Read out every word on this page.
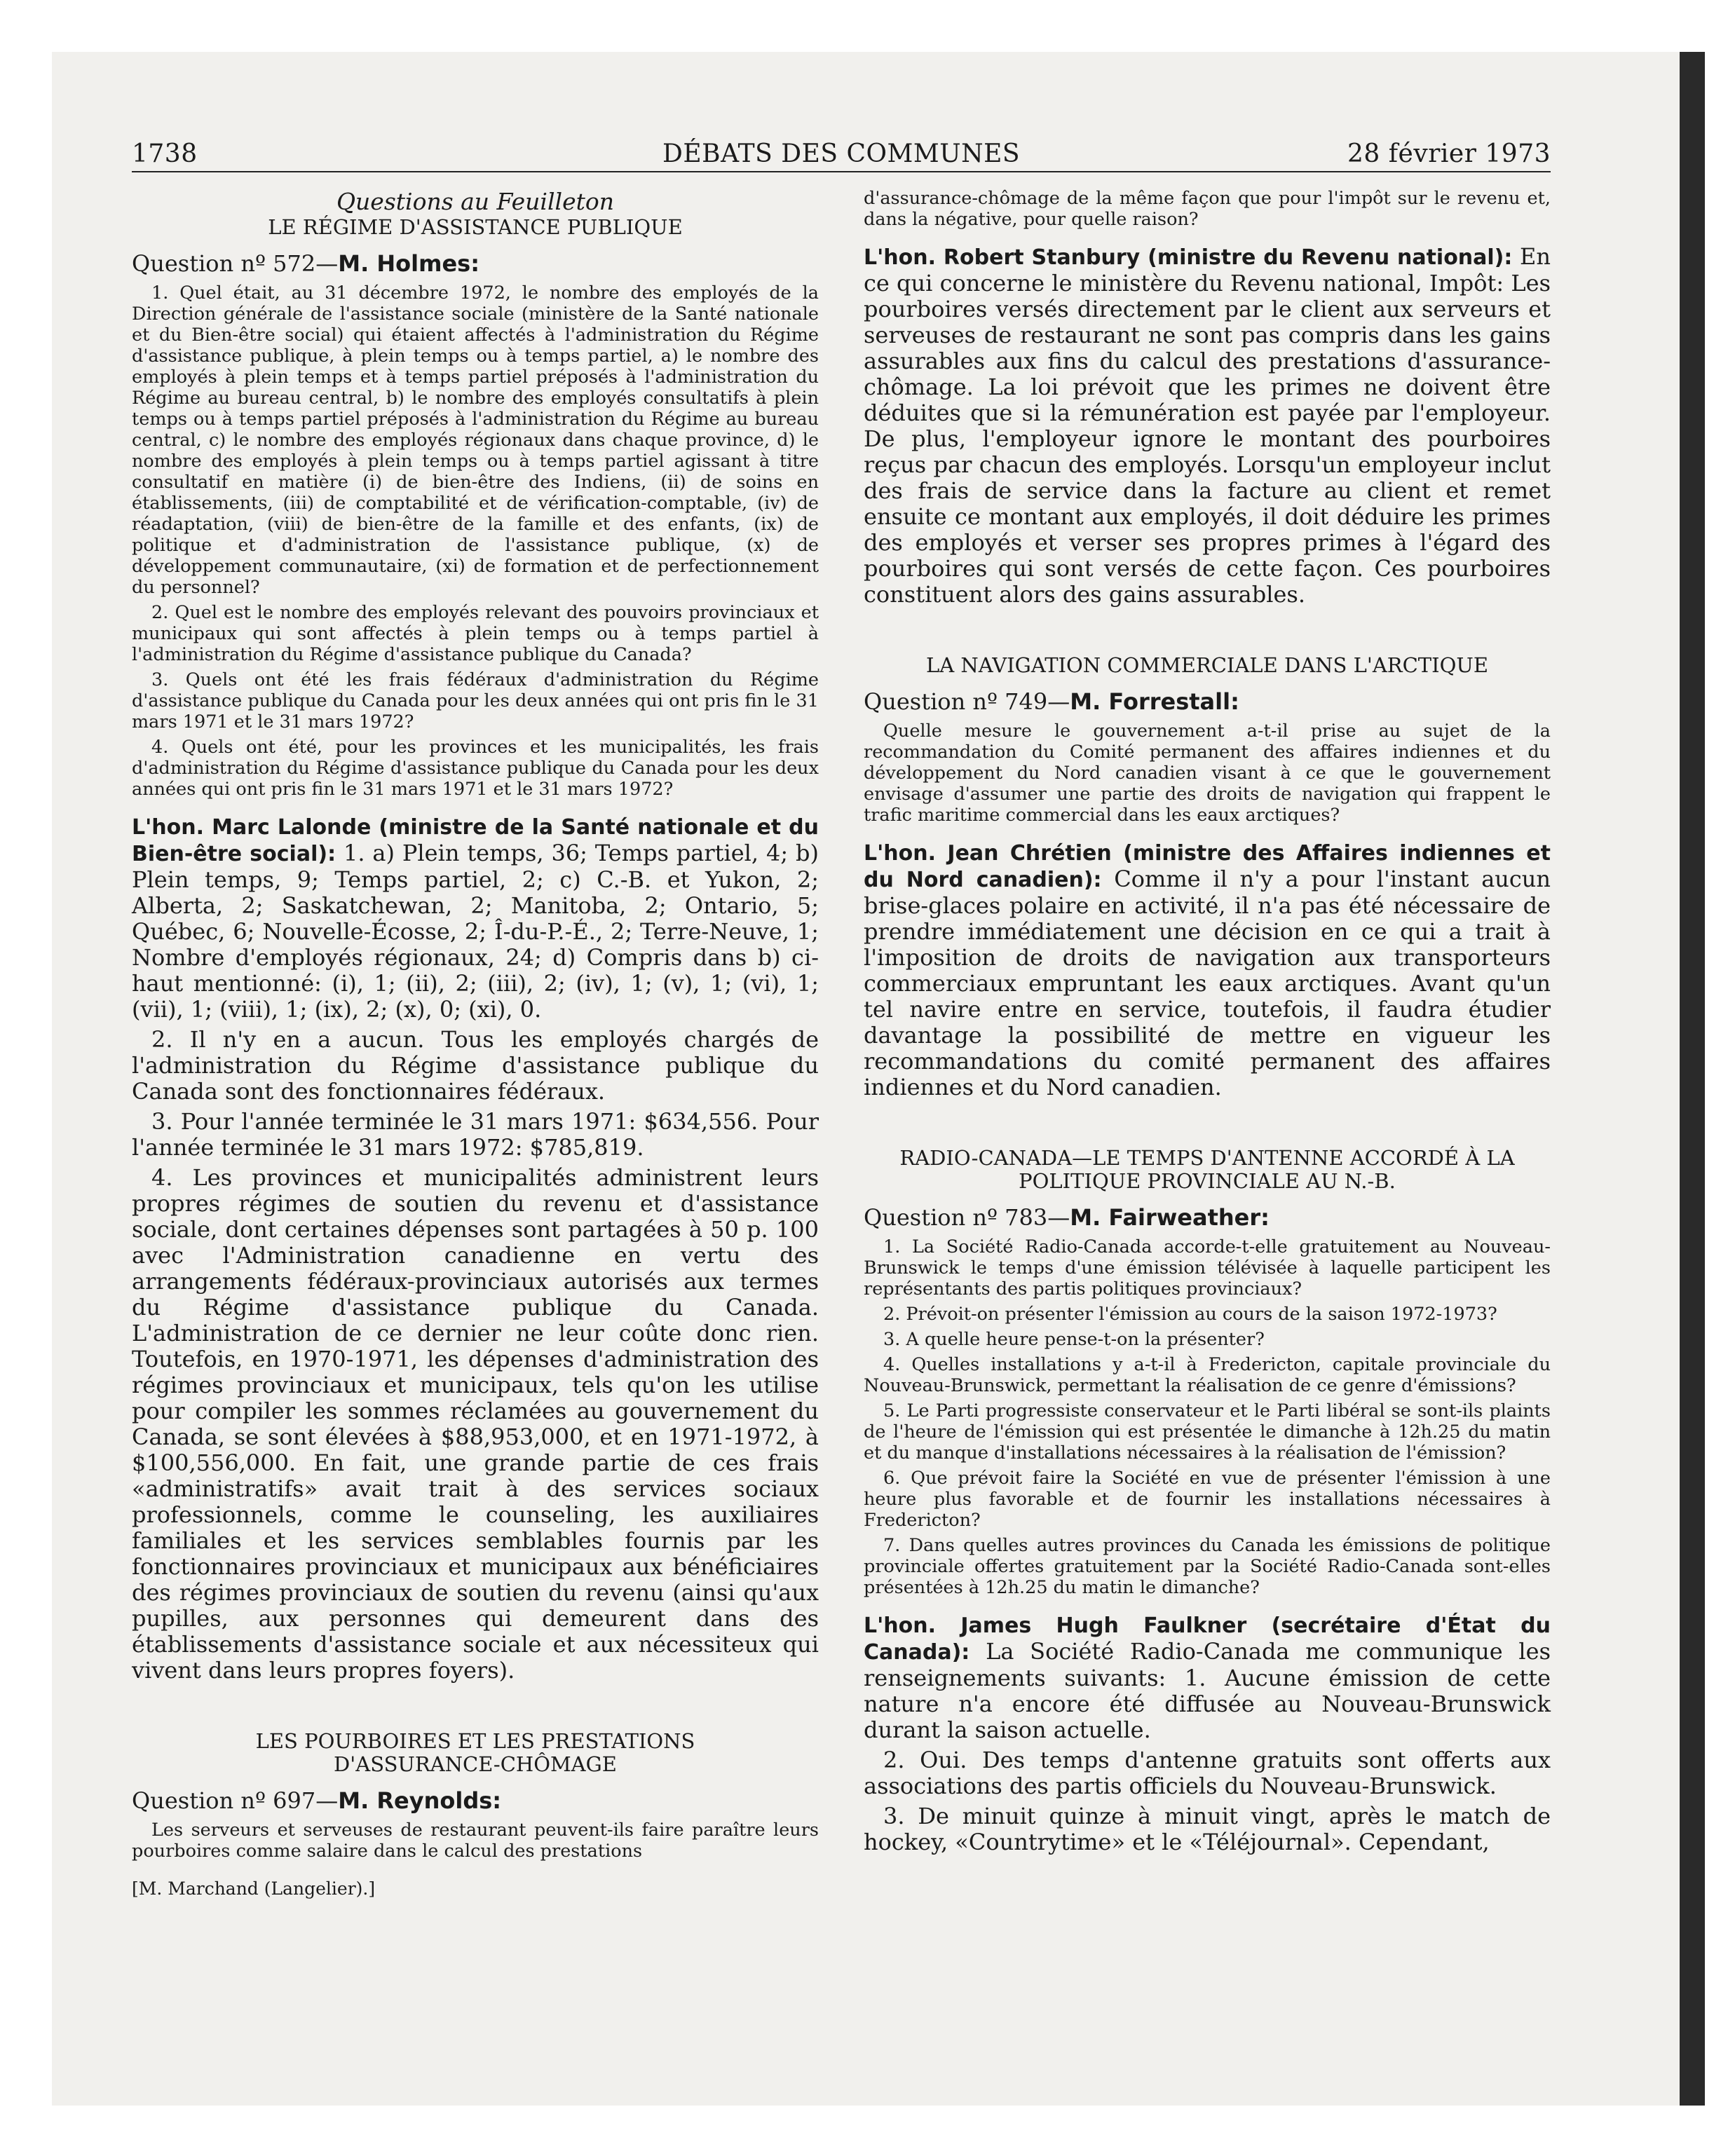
1738	DÉBATS DES COMMUNES	28 février 1973

Questions au Feuilleton

LE RÉGIME D'ASSISTANCE PUBLIQUE

Question nº 572—M. Holmes:

1. Quel était, au 31 décembre 1972, le nombre des employés de la Direction générale de l'assistance sociale (ministère de la Santé nationale et du Bien-être social) qui étaient affectés à l'administration du Régime d'assistance publique, à plein temps ou à temps partiel, a) le nombre des employés à plein temps et à temps partiel préposés à l'administration du Régime au bureau central, b) le nombre des employés consultatifs à plein temps ou à temps partiel préposés à l'administration du Régime au bureau central, c) le nombre des employés régionaux dans chaque province, d) le nombre des employés à plein temps ou à temps partiel agissant à titre consultatif en matière (i) de bien-être des Indiens, (ii) de soins en établissements, (iii) de comptabilité et de vérification-comptable, (iv) de réadaptation, (viii) de bien-être de la famille et des enfants, (ix) de politique et d'administration de l'assistance publique, (x) de développement communautaire, (xi) de formation et de perfectionnement du personnel?

2. Quel est le nombre des employés relevant des pouvoirs provinciaux et municipaux qui sont affectés à plein temps ou à temps partiel à l'administration du Régime d'assistance publique du Canada?

3. Quels ont été les frais fédéraux d'administration du Régime d'assistance publique du Canada pour les deux années qui ont pris fin le 31 mars 1971 et le 31 mars 1972?

4. Quels ont été, pour les provinces et les municipalités, les frais d'administration du Régime d'assistance publique du Canada pour les deux années qui ont pris fin le 31 mars 1971 et le 31 mars 1972?

L'hon. Marc Lalonde (ministre de la Santé nationale et du Bien-être social): 1. a) Plein temps, 36; Temps partiel, 4; b) Plein temps, 9; Temps partiel, 2; c) C.-B. et Yukon, 2; Alberta, 2; Saskatchewan, 2; Manitoba, 2; Ontario, 5; Québec, 6; Nouvelle-Écosse, 2; Î-du-P.-É., 2; Terre-Neuve, 1; Nombre d'employés régionaux, 24; d) Compris dans b) ci-haut mentionné: (i), 1; (ii), 2; (iii), 2; (iv), 1; (v), 1; (vi), 1; (vii), 1; (viii), 1; (ix), 2; (x), 0; (xi), 0.

2. Il n'y en a aucun. Tous les employés chargés de l'administration du Régime d'assistance publique du Canada sont des fonctionnaires fédéraux.

3. Pour l'année terminée le 31 mars 1971: $634,556. Pour l'année terminée le 31 mars 1972: $785,819.

4. Les provinces et municipalités administrent leurs propres régimes de soutien du revenu et d'assistance sociale, dont certaines dépenses sont partagées à 50 p. 100 avec l'Administration canadienne en vertu des arrangements fédéraux-provinciaux autorisés aux termes du Régime d'assistance publique du Canada. L'administration de ce dernier ne leur coûte donc rien. Toutefois, en 1970-1971, les dépenses d'administration des régimes provinciaux et municipaux, tels qu'on les utilise pour compiler les sommes réclamées au gouvernement du Canada, se sont élevées à $88,953,000, et en 1971-1972, à $100,556,000. En fait, une grande partie de ces frais «administratifs» avait trait à des services sociaux professionnels, comme le counseling, les auxiliaires familiales et les services semblables fournis par les fonctionnaires provinciaux et municipaux aux bénéficiaires des régimes provinciaux de soutien du revenu (ainsi qu'aux pupilles, aux personnes qui demeurent dans des établissements d'assistance sociale et aux nécessiteux qui vivent dans leurs propres foyers).

LES POURBOIRES ET LES PRESTATIONS

D'ASSURANCE-CHÔMAGE

Question nº 697—M. Reynolds:

Les serveurs et serveuses de restaurant peuvent-ils faire paraître leurs pourboires comme salaire dans le calcul des prestations

[M. Marchand (Langelier).]

d'assurance-chômage de la même façon que pour l'impôt sur le revenu et, dans la négative, pour quelle raison?

L'hon. Robert Stanbury (ministre du Revenu national): En ce qui concerne le ministère du Revenu national, Impôt: Les pourboires versés directement par le client aux serveurs et serveuses de restaurant ne sont pas compris dans les gains assurables aux fins du calcul des prestations d'assurance-chômage. La loi prévoit que les primes ne doivent être déduites que si la rémunération est payée par l'employeur. De plus, l'employeur ignore le montant des pourboires reçus par chacun des employés. Lorsqu'un employeur inclut des frais de service dans la facture au client et remet ensuite ce montant aux employés, il doit déduire les primes des employés et verser ses propres primes à l'égard des pourboires qui sont versés de cette façon. Ces pourboires constituent alors des gains assurables.

LA NAVIGATION COMMERCIALE DANS L'ARCTIQUE

Question nº 749—M. Forrestall:

Quelle mesure le gouvernement a-t-il prise au sujet de la recommandation du Comité permanent des affaires indiennes et du développement du Nord canadien visant à ce que le gouvernement envisage d'assumer une partie des droits de navigation qui frappent le trafic maritime commercial dans les eaux arctiques?

L'hon. Jean Chrétien (ministre des Affaires indiennes et du Nord canadien): Comme il n'y a pour l'instant aucun brise-glaces polaire en activité, il n'a pas été nécessaire de prendre immédiatement une décision en ce qui a trait à l'imposition de droits de navigation aux transporteurs commerciaux empruntant les eaux arctiques. Avant qu'un tel navire entre en service, toutefois, il faudra étudier davantage la possibilité de mettre en vigueur les recommandations du comité permanent des affaires indiennes et du Nord canadien.

RADIO-CANADA—LE TEMPS D'ANTENNE ACCORDÉ À LA

POLITIQUE PROVINCIALE AU N.-B.

Question nº 783—M. Fairweather:

1. La Société Radio-Canada accorde-t-elle gratuitement au Nouveau-Brunswick le temps d'une émission télévisée à laquelle participent les représentants des partis politiques provinciaux?

2. Prévoit-on présenter l'émission au cours de la saison 1972-1973?

3. A quelle heure pense-t-on la présenter?

4. Quelles installations y a-t-il à Fredericton, capitale provinciale du Nouveau-Brunswick, permettant la réalisation de ce genre d'émissions?

5. Le Parti progressiste conservateur et le Parti libéral se sont-ils plaints de l'heure de l'émission qui est présentée le dimanche à 12h.25 du matin et du manque d'installations nécessaires à la réalisation de l'émission?

6. Que prévoit faire la Société en vue de présenter l'émission à une heure plus favorable et de fournir les installations nécessaires à Fredericton?

7. Dans quelles autres provinces du Canada les émissions de politique provinciale offertes gratuitement par la Société Radio-Canada sont-elles présentées à 12h.25 du matin le dimanche?

L'hon. James Hugh Faulkner (secrétaire d'État du Canada): La Société Radio-Canada me communique les renseignements suivants: 1. Aucune émission de cette nature n'a encore été diffusée au Nouveau-Brunswick durant la saison actuelle.

2. Oui. Des temps d'antenne gratuits sont offerts aux associations des partis officiels du Nouveau-Brunswick.

3. De minuit quinze à minuit vingt, après le match de hockey, «Countrytime» et le «Téléjournal». Cependant,
